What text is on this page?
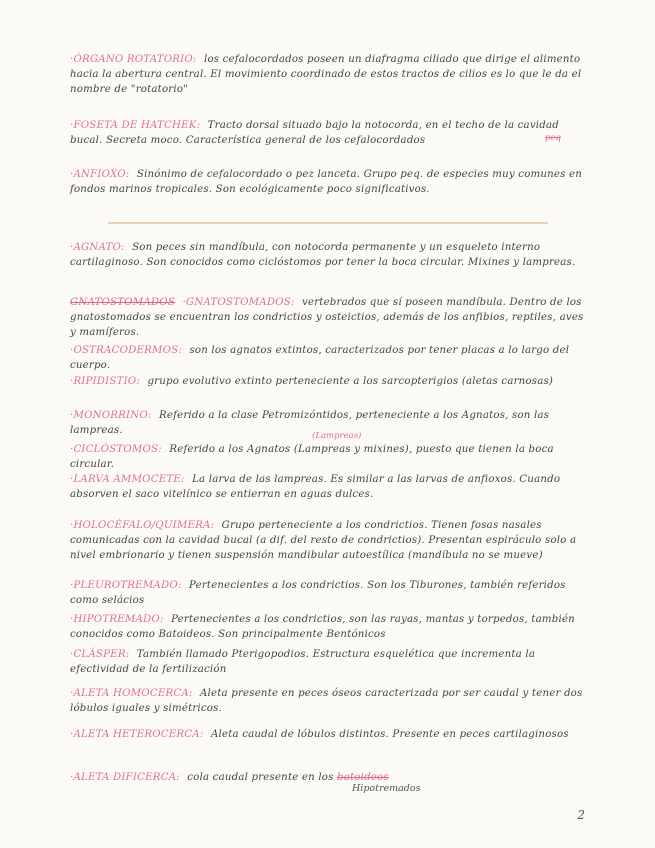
·ÓRGANO ROTATORIO: los cefalocordados poseen un diafragma ciliado que dirige el alimento hacia la abertura central. El movimiento coordinado de estos tractos de cilios es lo que le da el nombre de "rotatorio"
·FOSETA DE HATCHEK: Tracto dorsal situado bajo la notocorda, en el techo de la cavidad bucal. Secreta moco. Característica general de los cefalocordados
·ANFIOXO: Sinónimo de cefalocordado o pez lanceta. Grupo peq. de especies muy comunes en fondos marinos tropicales. Son ecológicamente poco significativos.
·AGNATO: Son peces sin mandíbula, con notocorda permanente y un esqueleto interno cartilaginoso. Son conocidos como ciclóstomos por tener la boca circular. Mixines y lampreas.
GNATOSTOMADOS ·GNATOSTOMADOS: vertebrados que sí poseen mandíbula. Dentro de los gnatostomados se encuentran los condrictios y osteictios, además de los anfibios, reptiles, aves y mamíferos.
·OSTRACODERMOS: son los agnatos extintos, caracterizados por tener placas a lo largo del cuerpo.
·RIPIDISTIO: grupo evolutivo extinto perteneciente a los sarcopterigios (aletas carnosas)
·MONORRINO: Referido a la clase Petromizóntidos, perteneciente a los Agnatos, son las lampreas.	(Lampreas)
·CICLÓSTOMOS: Referido a los Agnatos (Lampreas y mixines), puesto que tienen la boca circular.
·LARVA AMMOCETE: La larva de las lampreas. Es similar a las larvas de anfioxos. Cuando absorven el saco vitelínico se entierran en aguas dulces.
·HOLOCÉFALO/QUIMERA: Grupo perteneciente a los condrictios. Tienen fosas nasales comunicadas con la cavidad bucal (a dif. del resto de condrictios). Presentan espiráculo solo a nivel embrionario y tienen suspensión mandibular autoestílica (mandíbula no se mueve)
·PLEUROTREMADO: Pertenecientes a los condrictios. Son los Tiburones, también referidos como selácios
·HIPOTREMADO: Pertenecientes a los condrictios, son las rayas, mantas y torpedos, también conocidos como Batoideos. Son principalmente Bentónicos
·CLÁSPER: También llamado Pterigopodios. Estructura esquelética que incrementa la efectividad de la fertilización
·ALETA HOMOCERCA: Aleta presente en peces óseos caracterizada por ser caudal y tener dos lóbulos iguales y simétricos.
·ALETA HETEROCERCA: Aleta caudal de lóbulos distintos. Presente en peces cartilaginosos
·ALETA DIFICERCA: cola caudal presente en los batoideos
Hipotremados
peq
2
